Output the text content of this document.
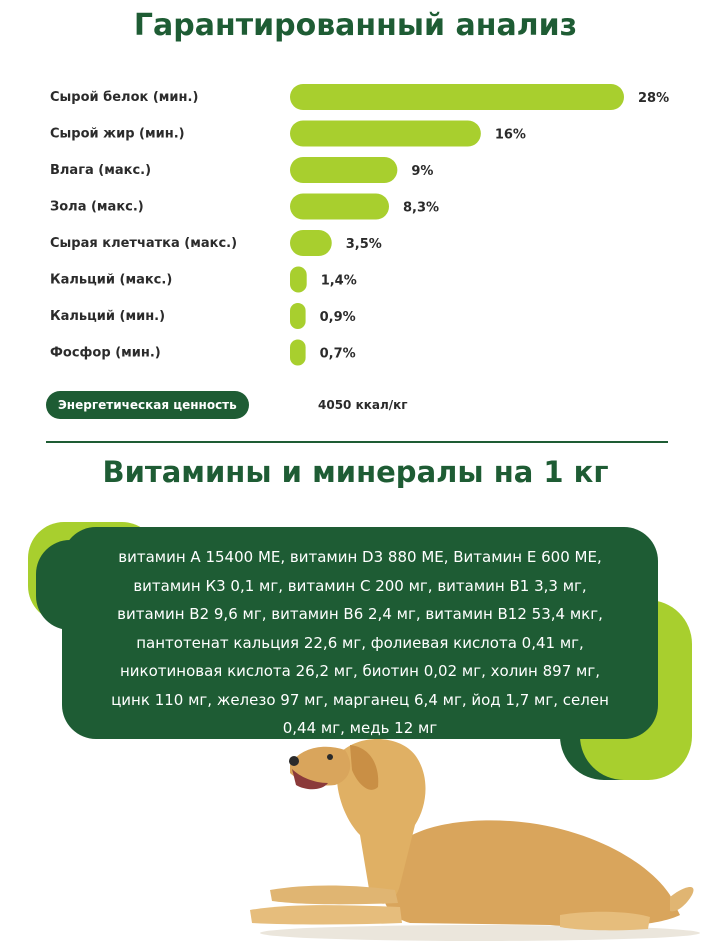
Гарантированный анализ
Сырой белок (мин.)	28%
Сырой жир (мин.)	16%
Влага (макс.)	9%
Зола (макс.)	8,3%
Сырая клетчатка (макс.)	3,5%
Кальций (макс.)	1,4%
Кальций (мин.)	0,9%
Фосфор (мин.)	0,7%
Энергетическая ценность	4050 ккал/кг
Витамины и минералы на 1 кг
витамин А 15400 МЕ, витамин D3 880 МЕ, Витамин Е 600 МЕ,
витамин К3 0,1 мг, витамин С 200 мг, витамин В1 3,3 мг,
витамин В2 9,6 мг, витамин В6 2,4 мг, витамин В12 53,4 мкг,
пантотенат кальция 22,6 мг, фолиевая кислота 0,41 мг,
никотиновая кислота 26,2 мг, биотин 0,02 мг, холин 897 мг,
цинк 110 мг, железо 97 мг, марганец 6,4 мг, йод 1,7 мг, селен
0,44 мг, медь 12 мг
